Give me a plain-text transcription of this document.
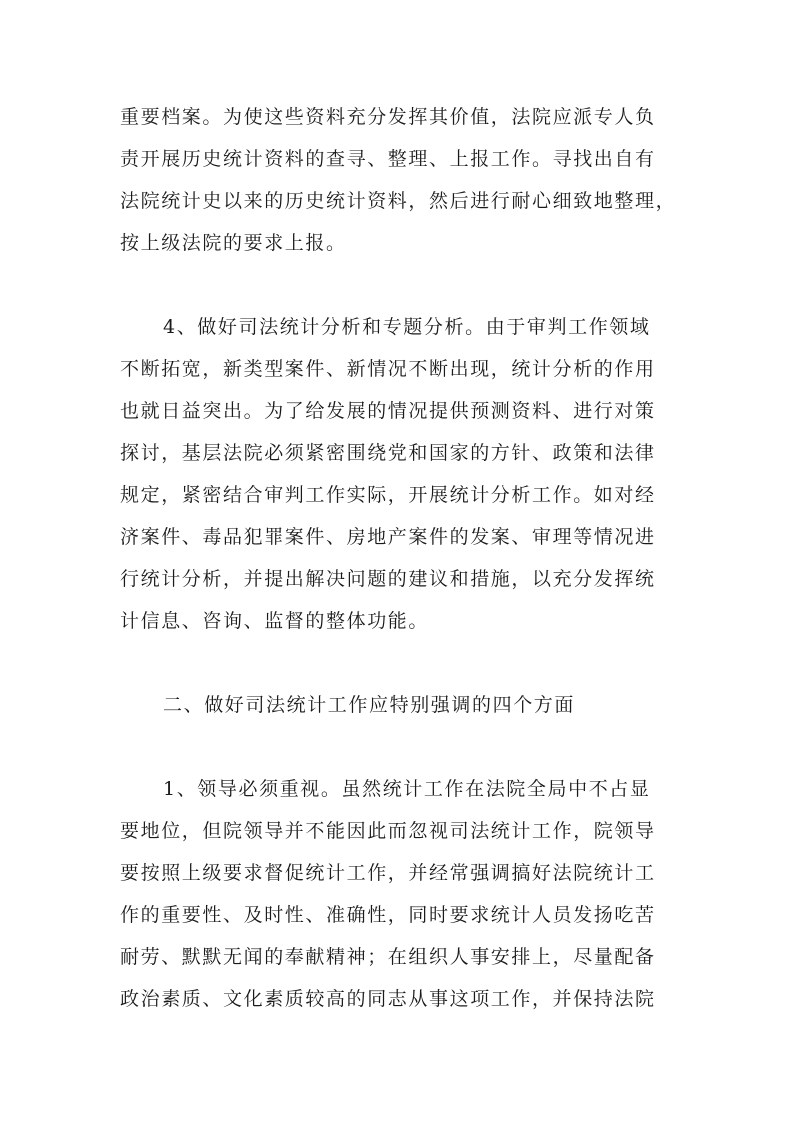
重要档案。为使这些资料充分发挥其价值，法院应派专人负
责开展历史统计资料的查寻、整理、上报工作。寻找出自有
法院统计史以来的历史统计资料，然后进行耐心细致地整理，
按上级法院的要求上报。
4、做好司法统计分析和专题分析。由于审判工作领域
不断拓宽，新类型案件、新情况不断出现，统计分析的作用
也就日益突出。为了给发展的情况提供预测资料、进行对策
探讨，基层法院必须紧密围绕党和国家的方针、政策和法律
规定，紧密结合审判工作实际，开展统计分析工作。如对经
济案件、毒品犯罪案件、房地产案件的发案、审理等情况进
行统计分析，并提出解决问题的建议和措施，以充分发挥统
计信息、咨询、监督的整体功能。
二、做好司法统计工作应特别强调的四个方面
1、领导必须重视。虽然统计工作在法院全局中不占显
要地位，但院领导并不能因此而忽视司法统计工作，院领导
要按照上级要求督促统计工作，并经常强调搞好法院统计工
作的重要性、及时性、准确性，同时要求统计人员发扬吃苦
耐劳、默默无闻的奉献精神；在组织人事安排上，尽量配备
政治素质、文化素质较高的同志从事这项工作，并保持法院
